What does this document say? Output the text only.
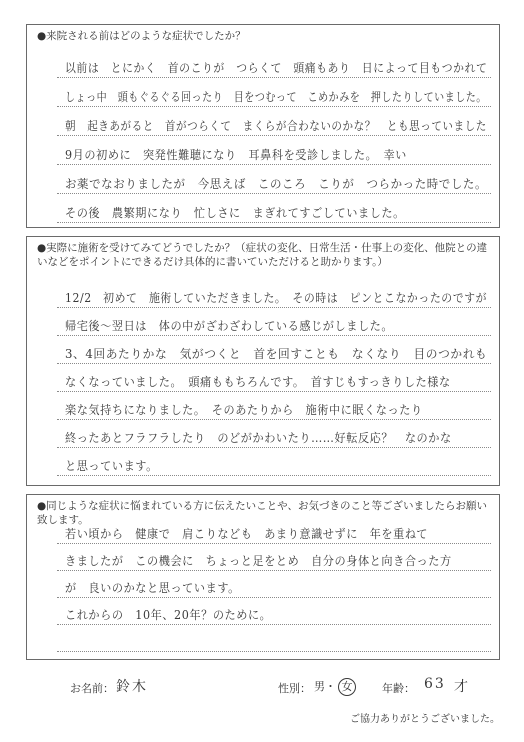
●来院される前はどのような症状でしたか？

以前は　とにかく　首のこりが　つらくて　頭痛もあり　日によって目もつかれて
しょっ中　頭もぐるぐる回ったり　目をつむって　こめかみを　押したりしていました。
朝　起きあがると　首がつらくて　まくらが合わないのかな？　とも思っていました
9月の初めに　突発性難聴になり　耳鼻科を受診しました。　幸い
お薬でなおりましたが　今思えば　このころ　こりが　つらかった時でした。
その後　農繁期になり　忙しさに　まぎれてすごしていました。

●実際に施術を受けてみてどうでしたか？（症状の変化、日常生活・仕事上の変化、他院との違いなどをポイントにできるだけ具体的に書いていただけると助かります。）

12/2　初めて　施術していただきました。　その時は　ピンとこなかったのですが
帰宅後～翌日は　体の中がざわざわしている感じがしました。
3、4回あたりかな　気がつくと　首を回すことも　なくなり　目のつかれも
なくなっていました。　頭痛ももちろんです。　首すじもすっきりした様な
楽な気持ちになりました。　そのあたりから　施術中に眠くなったり
終ったあとフラフラしたり　のどがかわいたり……好転反応？　なのかな
と思っています。

●同じような症状に悩まれている方に伝えたいことや、お気づきのこと等ございましたらお願い致します。

若い頃から　健康で　肩こりなども　あまり意識せずに　年を重ねて
きましたが　この機会に　ちょっと足をとめ　自分の身体と向き合った方
が　良いのかなと思っています。
これからの　10年、20年？のために。
お名前： 鈴木	性別： 男・ 女	年齢： 63 才
ご協力ありがとうございました。
